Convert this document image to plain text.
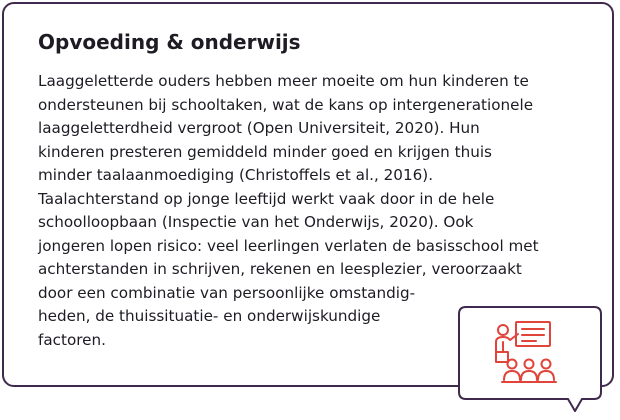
Opvoeding & onderwijs
Laaggeletterde ouders hebben meer moeite om hun kinderen te
ondersteunen bij schooltaken, wat de kans op intergenerationele
laaggeletterdheid vergroot (Open Universiteit, 2020). Hun
kinderen presteren gemiddeld minder goed en krijgen thuis
minder taalaanmoediging (Christoffels et al., 2016).
Taalachterstand op jonge leeftijd werkt vaak door in de hele
schoolloopbaan (Inspectie van het Onderwijs, 2020). Ook
jongeren lopen risico: veel leerlingen verlaten de basisschool met
achterstanden in schrijven, rekenen en leesplezier, veroorzaakt
door een combinatie van persoonlijke omstandig-
heden, de thuissituatie- en onderwijskundige
factoren.
